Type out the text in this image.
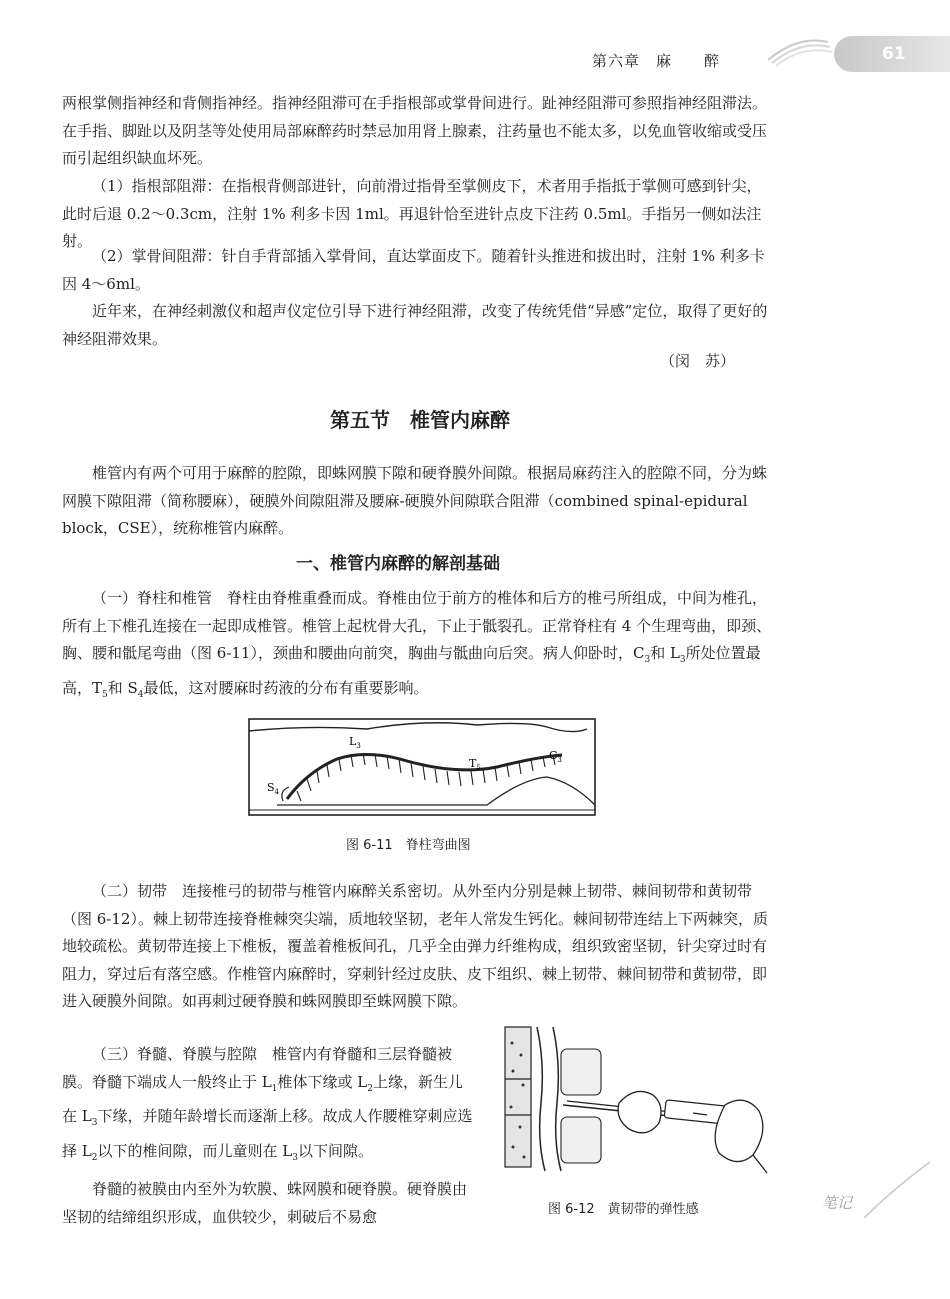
第六章　麻　　醉	61

两根掌侧指神经和背侧指神经。指神经阻滞可在手指根部或掌骨间进行。趾神经阻滞可参照指神经阻滞法。在手指、脚趾以及阴茎等处使用局部麻醉药时禁忌加用肾上腺素，注药量也不能太多，以免血管收缩或受压而引起组织缺血坏死。

（1）指根部阻滞：在指根背侧部进针，向前滑过指骨至掌侧皮下，术者用手指抵于掌侧可感到针尖，此时后退 0.2～0.3cm，注射 1% 利多卡因 1ml。再退针恰至进针点皮下注药 0.5ml。手指另一侧如法注射。

（2）掌骨间阻滞：针自手背部插入掌骨间，直达掌面皮下。随着针头推进和拔出时，注射 1% 利多卡因 4～6ml。

近年来，在神经刺激仪和超声仪定位引导下进行神经阻滞，改变了传统凭借“异感”定位，取得了更好的神经阻滞效果。

（闵　苏）
第五节　椎管内麻醉

椎管内有两个可用于麻醉的腔隙，即蛛网膜下隙和硬脊膜外间隙。根据局麻药注入的腔隙不同，分为蛛网膜下隙阻滞（简称腰麻），硬膜外间隙阻滞及腰麻-硬膜外间隙联合阻滞（combined spinal-epidural block，CSE），统称椎管内麻醉。

一、椎管内麻醉的解剖基础

（一）脊柱和椎管　脊柱由脊椎重叠而成。脊椎由位于前方的椎体和后方的椎弓所组成，中间为椎孔，所有上下椎孔连接在一起即成椎管。椎管上起枕骨大孔，下止于骶裂孔。正常脊柱有 4 个生理弯曲，即颈、胸、腰和骶尾弯曲（图 6-11），颈曲和腰曲向前突，胸曲与骶曲向后突。病人仰卧时，$C_3$和 $L_3$所处位置最高，$T_5$和 $S_4$最低，这对腰麻时药液的分布有重要影响。

$L_3$
$T_5$
$C_3$
$S_4$
图 6-11　脊柱弯曲图

（二）韧带　连接椎弓的韧带与椎管内麻醉关系密切。从外至内分别是棘上韧带、棘间韧带和黄韧带（图 6-12）。棘上韧带连接脊椎棘突尖端，质地较坚韧，老年人常发生钙化。棘间韧带连结上下两棘突，质地较疏松。黄韧带连接上下椎板，覆盖着椎板间孔，几乎全由弹力纤维构成，组织致密坚韧，针尖穿过时有阻力，穿过后有落空感。作椎管内麻醉时，穿刺针经过皮肤、皮下组织、棘上韧带、棘间韧带和黄韧带，即进入硬膜外间隙。如再刺过硬脊膜和蛛网膜即至蛛网膜下隙。

（三）脊髓、脊膜与腔隙　椎管内有脊髓和三层脊髓被膜。脊髓下端成人一般终止于 $L_1$椎体下缘或 $L_2$上缘，新生儿在 $L_3$下缘，并随年龄增长而逐渐上移。故成人作腰椎穿刺应选择 $L_2$以下的椎间隙，而儿童则在 $L_3$以下间隙。

脊髓的被膜由内至外为软膜、蛛网膜和硬脊膜。硬脊膜由坚韧的结缔组织形成，血供较少，刺破后不易愈	图 6-12　黄韧带的弹性感	笔记
